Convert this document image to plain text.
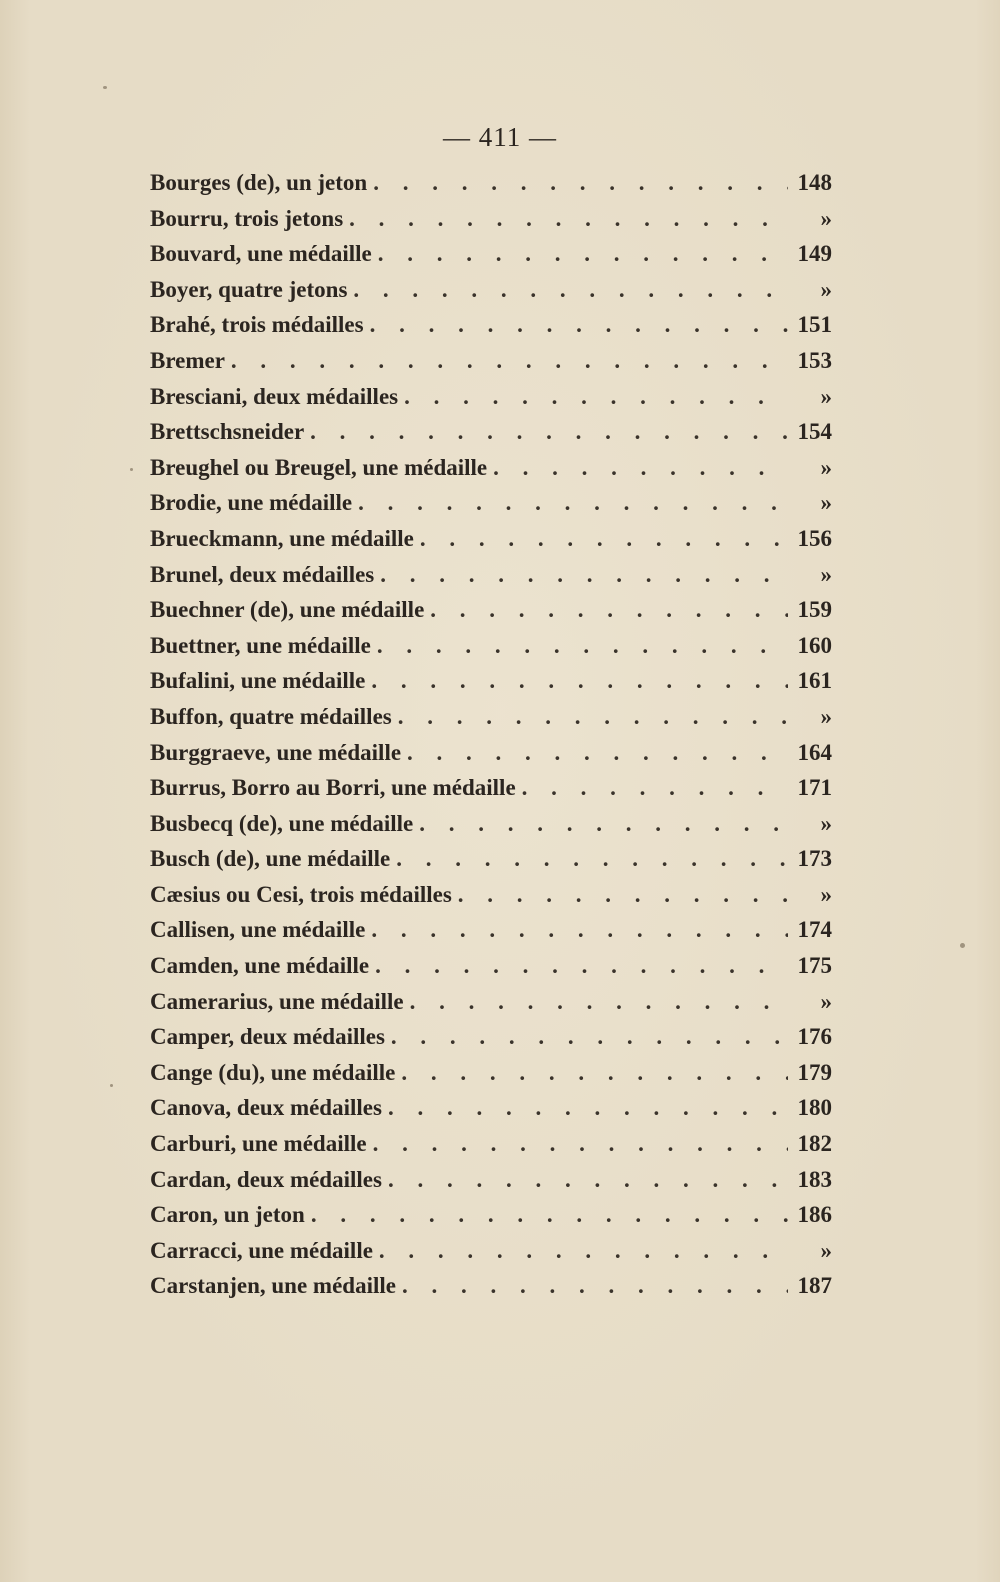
— 411 —
Bourges (de), un jeton . . .	148
Bourru, trois jetons . . .	»
Bouvard, une médaille . . .	149
Boyer, quatre jetons . . .	»
Brahé, trois médailles . . .	151
Bremer . . .	153
Bresciani, deux médailles . . .	»
Brettschsneider . . .	154
Breughel ou Breugel, une médaille . . .	»
Brodie, une médaille . . .	»
Brueckmann, une médaille . . .	156
Brunel, deux médailles . . .	»
Buechner (de), une médaille . . .	159
Buettner, une médaille . . .	160
Bufalini, une médaille . . .	161
Buffon, quatre médailles . . .	»
Burggraeve, une médaille . . .	164
Burrus, Borro au Borri, une médaille . . .	171
Busbecq (de), une médaille . . .	»
Busch (de), une médaille . . .	173
Cæsius ou Cesi, trois médailles . . .	»
Callisen, une médaille . . .	174
Camden, une médaille . . .	175
Camerarius, une médaille . . .	»
Camper, deux médailles . . .	176
Cange (du), une médaille . . .	179
Canova, deux médailles . . .	180
Carburi, une médaille . . .	182
Cardan, deux médailles . . .	183
Caron, un jeton . . .	186
Carracci, une médaille . . .	»
Carstanjen, une médaille . . .	187
